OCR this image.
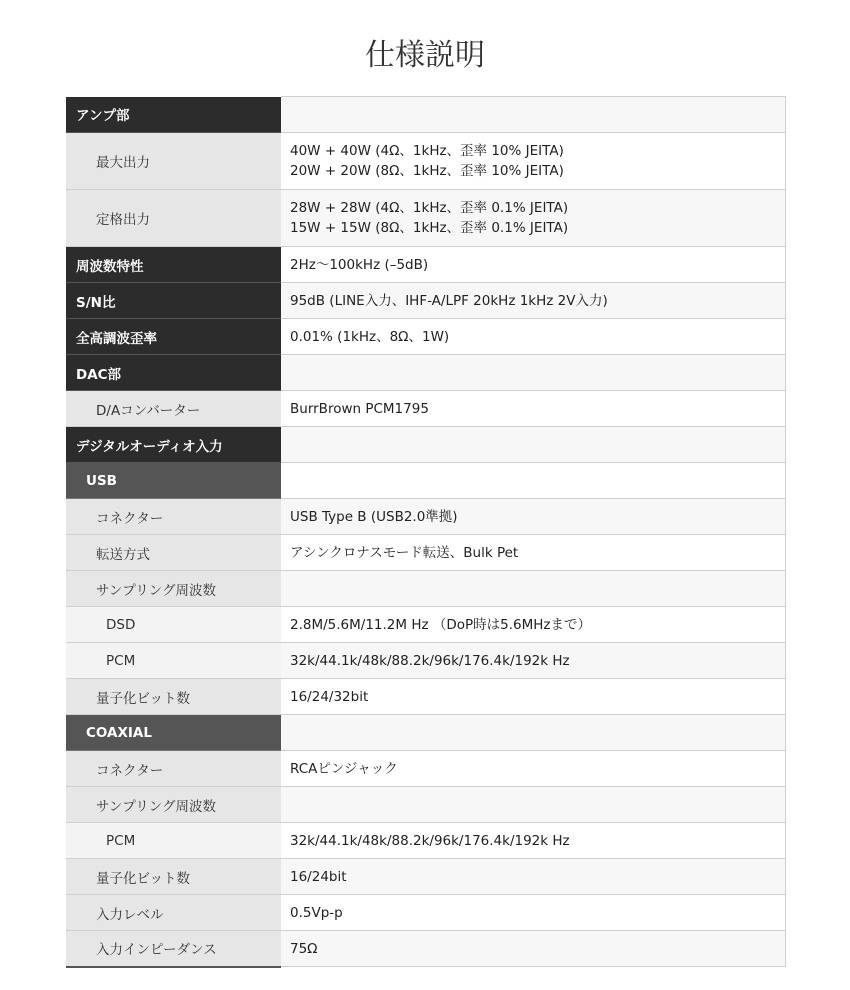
仕様説明
アンプ部	
最大出力	40W + 40W (4Ω、1kHz、歪率 10% JEITA)
20W + 20W (8Ω、1kHz、歪率 10% JEITA)

定格出力	28W + 28W (4Ω、1kHz、歪率 0.1% JEITA)
15W + 15W (8Ω、1kHz、歪率 0.1% JEITA)

周波数特性	2Hz〜100kHz (–5dB)
S/N比	95dB (LINE入力、IHF-A/LPF 20kHz 1kHz 2V入力)
全高調波歪率	0.01% (1kHz、8Ω、1W)
DAC部	
D/Aコンバーター	BurrBrown PCM1795
デジタルオーディオ入力	
USB	
コネクター	USB Type B (USB2.0準拠)
転送方式	アシンクロナスモード転送、Bulk Pet
サンプリング周波数	
DSD	2.8M/5.6M/11.2M Hz （DoP時は5.6MHzまで）
PCM	32k/44.1k/48k/88.2k/96k/176.4k/192k Hz
量子化ビット数	16/24/32bit
COAXIAL	
コネクター	RCAピンジャック
サンプリング周波数	
PCM	32k/44.1k/48k/88.2k/96k/176.4k/192k Hz
量子化ビット数	16/24bit
入力レベル	0.5Vp-p
入力インピーダンス	75Ω
